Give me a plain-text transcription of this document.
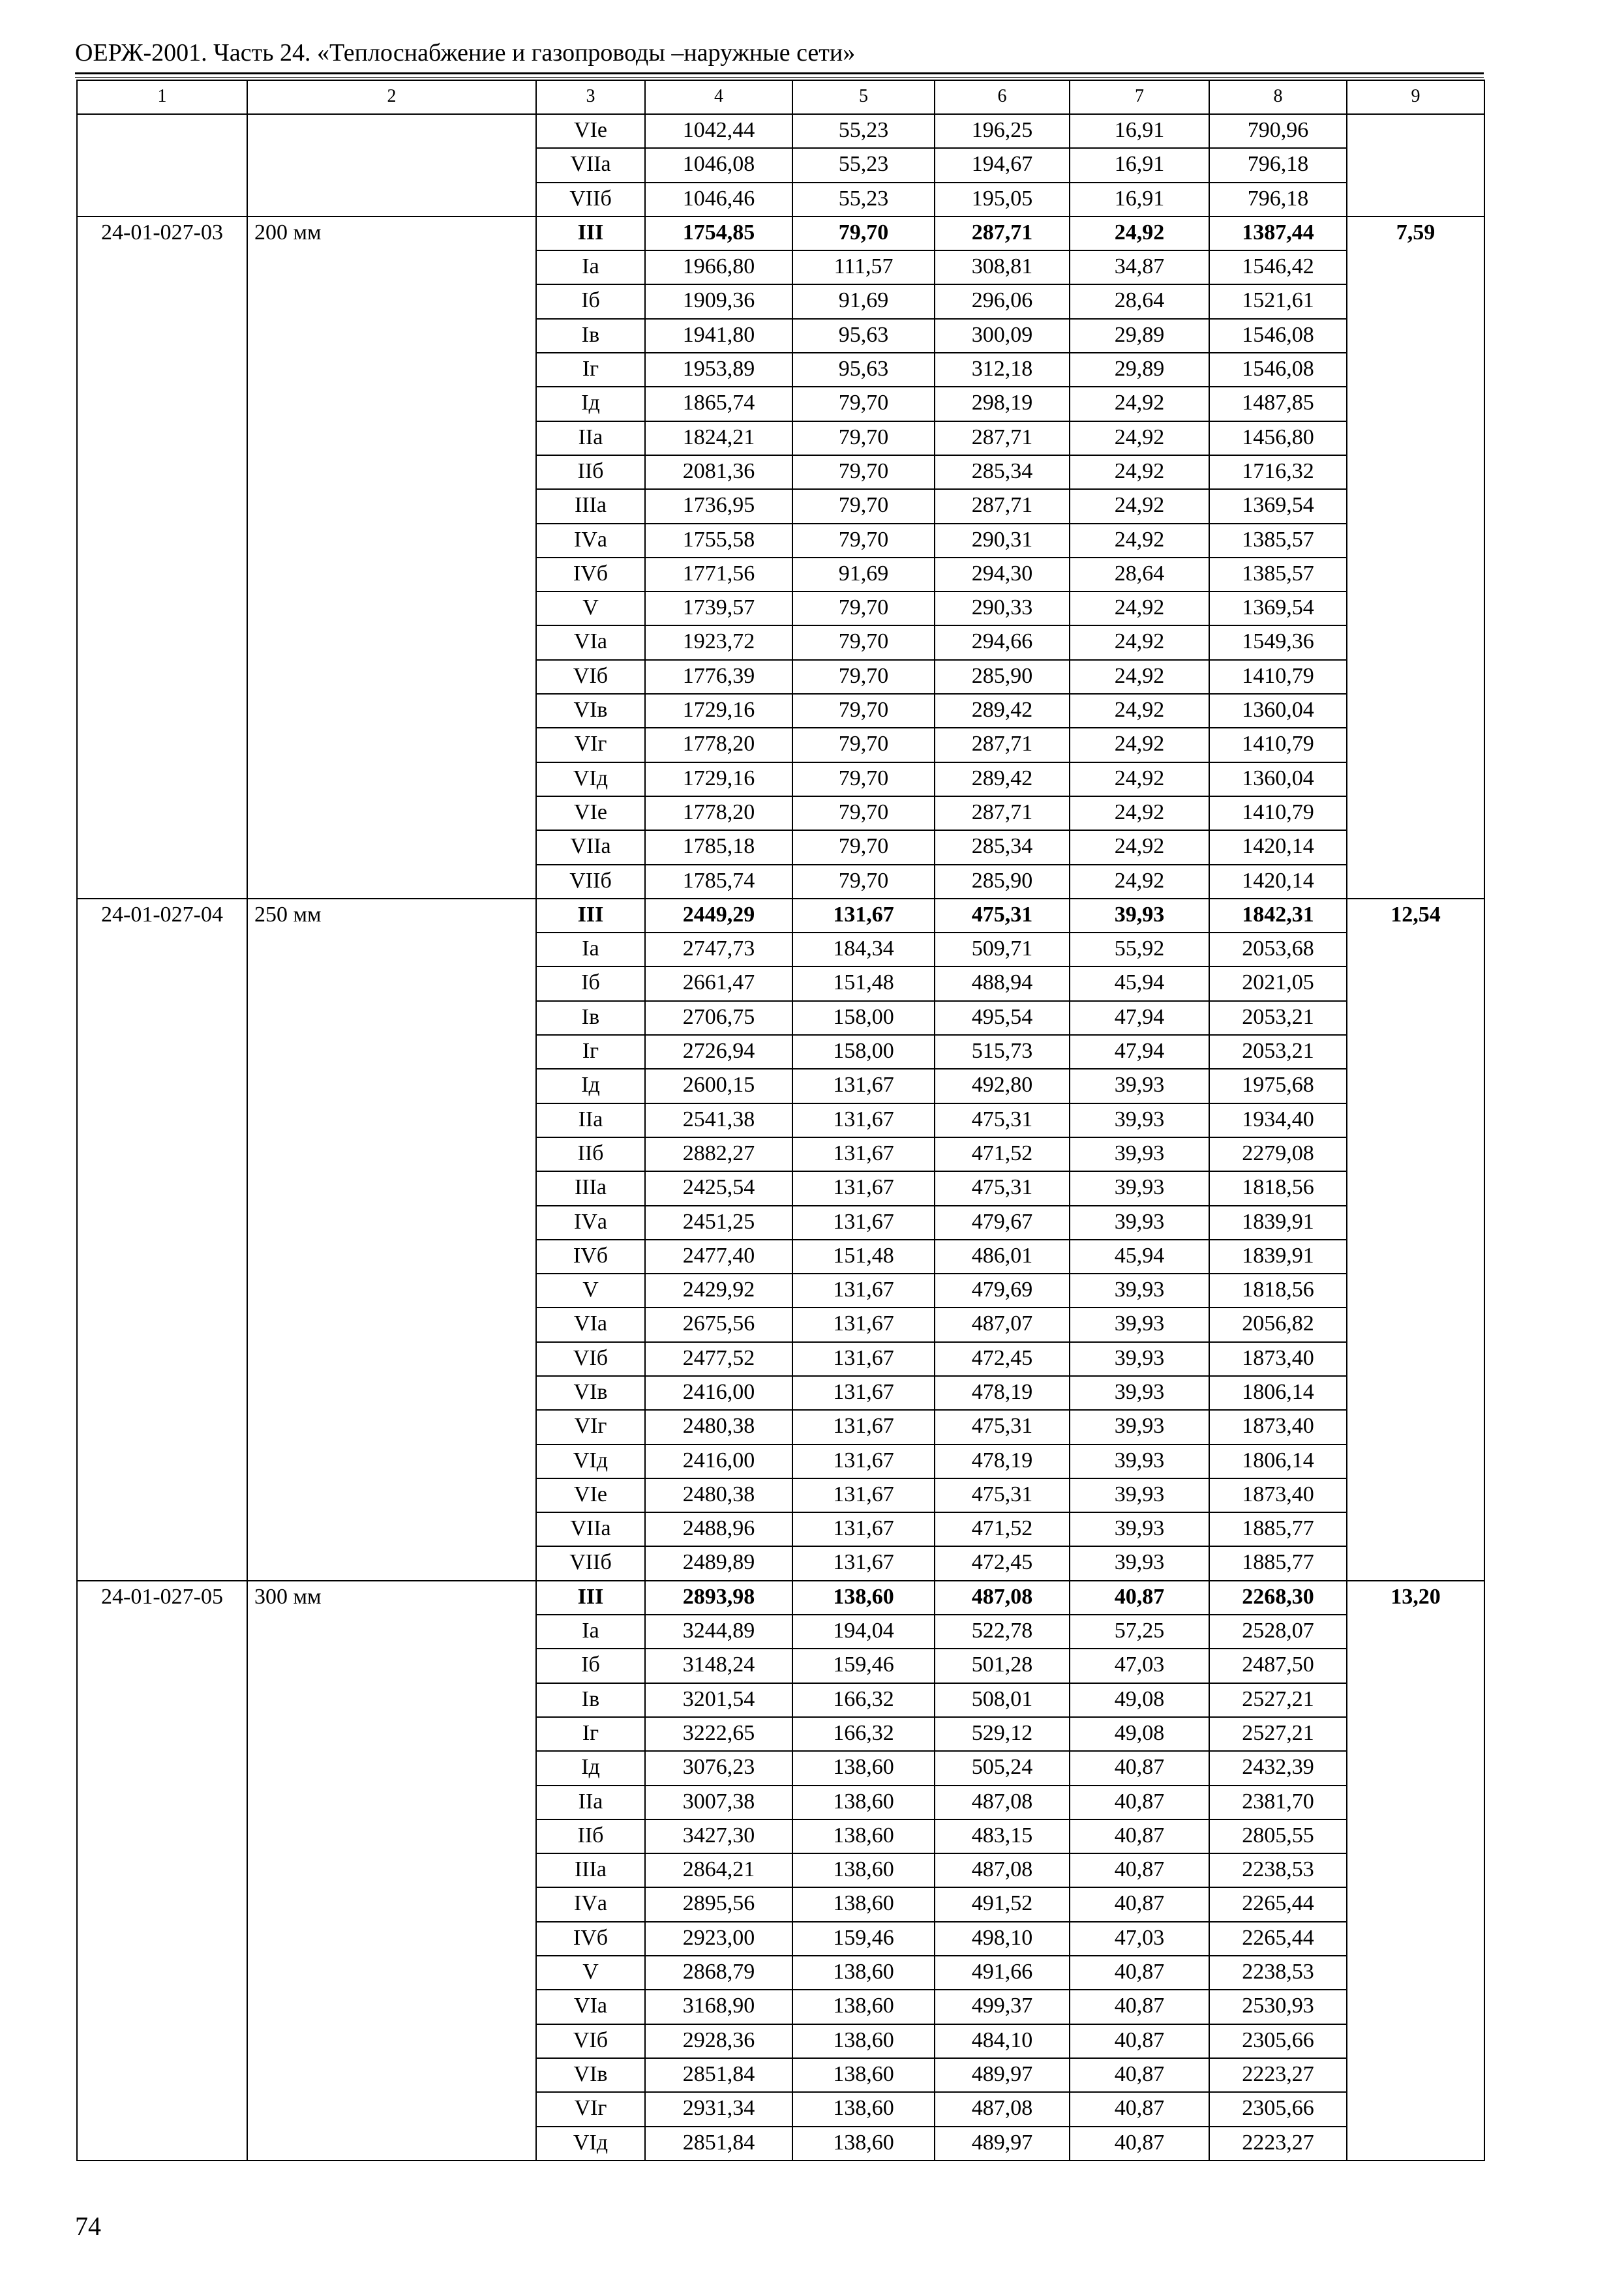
ОЕРЖ-2001. Часть 24. «Теплоснабжение и газопроводы –наружные сети»
1	2	3	4	5	6	7	8	9
		VIе	1042,44	55,23	196,25	16,91	790,96	
		VIIа	1046,08	55,23	194,67	16,91	796,18	
		VIIб	1046,46	55,23	195,05	16,91	796,18	
24-01-027-03	200 мм	III	1754,85	79,70	287,71	24,92	1387,44	7,59
		Iа	1966,80	111,57	308,81	34,87	1546,42	
		Iб	1909,36	91,69	296,06	28,64	1521,61	
		Iв	1941,80	95,63	300,09	29,89	1546,08	
		Iг	1953,89	95,63	312,18	29,89	1546,08	
		Iд	1865,74	79,70	298,19	24,92	1487,85	
		IIа	1824,21	79,70	287,71	24,92	1456,80	
		IIб	2081,36	79,70	285,34	24,92	1716,32	
		IIIа	1736,95	79,70	287,71	24,92	1369,54	
		IVа	1755,58	79,70	290,31	24,92	1385,57	
		IVб	1771,56	91,69	294,30	28,64	1385,57	
		V	1739,57	79,70	290,33	24,92	1369,54	
		VIа	1923,72	79,70	294,66	24,92	1549,36	
		VIб	1776,39	79,70	285,90	24,92	1410,79	
		VIв	1729,16	79,70	289,42	24,92	1360,04	
		VIг	1778,20	79,70	287,71	24,92	1410,79	
		VIд	1729,16	79,70	289,42	24,92	1360,04	
		VIе	1778,20	79,70	287,71	24,92	1410,79	
		VIIа	1785,18	79,70	285,34	24,92	1420,14	
		VIIб	1785,74	79,70	285,90	24,92	1420,14	
24-01-027-04	250 мм	III	2449,29	131,67	475,31	39,93	1842,31	12,54
		Iа	2747,73	184,34	509,71	55,92	2053,68	
		Iб	2661,47	151,48	488,94	45,94	2021,05	
		Iв	2706,75	158,00	495,54	47,94	2053,21	
		Iг	2726,94	158,00	515,73	47,94	2053,21	
		Iд	2600,15	131,67	492,80	39,93	1975,68	
		IIа	2541,38	131,67	475,31	39,93	1934,40	
		IIб	2882,27	131,67	471,52	39,93	2279,08	
		IIIа	2425,54	131,67	475,31	39,93	1818,56	
		IVа	2451,25	131,67	479,67	39,93	1839,91	
		IVб	2477,40	151,48	486,01	45,94	1839,91	
		V	2429,92	131,67	479,69	39,93	1818,56	
		VIа	2675,56	131,67	487,07	39,93	2056,82	
		VIб	2477,52	131,67	472,45	39,93	1873,40	
		VIв	2416,00	131,67	478,19	39,93	1806,14	
		VIг	2480,38	131,67	475,31	39,93	1873,40	
		VIд	2416,00	131,67	478,19	39,93	1806,14	
		VIе	2480,38	131,67	475,31	39,93	1873,40	
		VIIа	2488,96	131,67	471,52	39,93	1885,77	
		VIIб	2489,89	131,67	472,45	39,93	1885,77	
24-01-027-05	300 мм	III	2893,98	138,60	487,08	40,87	2268,30	13,20
		Iа	3244,89	194,04	522,78	57,25	2528,07	
		Iб	3148,24	159,46	501,28	47,03	2487,50	
		Iв	3201,54	166,32	508,01	49,08	2527,21	
		Iг	3222,65	166,32	529,12	49,08	2527,21	
		Iд	3076,23	138,60	505,24	40,87	2432,39	
		IIа	3007,38	138,60	487,08	40,87	2381,70	
		IIб	3427,30	138,60	483,15	40,87	2805,55	
		IIIа	2864,21	138,60	487,08	40,87	2238,53	
		IVа	2895,56	138,60	491,52	40,87	2265,44	
		IVб	2923,00	159,46	498,10	47,03	2265,44	
		V	2868,79	138,60	491,66	40,87	2238,53	
		VIа	3168,90	138,60	499,37	40,87	2530,93	
		VIб	2928,36	138,60	484,10	40,87	2305,66	
		VIв	2851,84	138,60	489,97	40,87	2223,27	
		VIг	2931,34	138,60	487,08	40,87	2305,66	
		VIд	2851,84	138,60	489,97	40,87	2223,27	
74
